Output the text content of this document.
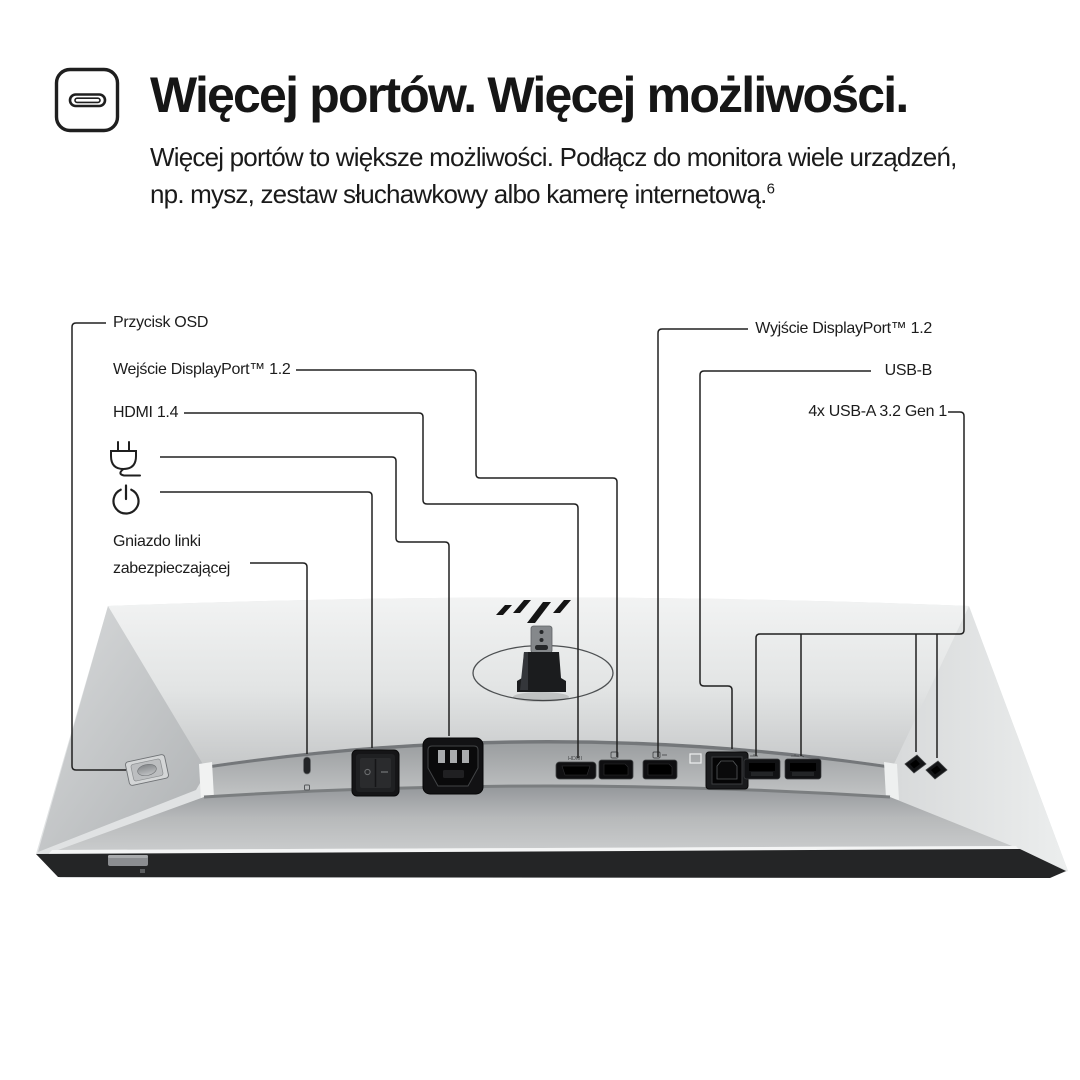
Więcej portów. Więcej możliwości.
Więcej portów to większe możliwości. Podłącz do monitora wiele urządzeń,
np. mysz, zestaw słuchawkowy albo kamerę internetową.$^6$
Przycisk OSD
Wejście DisplayPort™ 1.2
HDMI 1.4
Gniazdo linki
zabezpieczającej
Wyjście DisplayPort™ 1.2
USB-B
4x USB-A 3.2 Gen 1
HDMI
